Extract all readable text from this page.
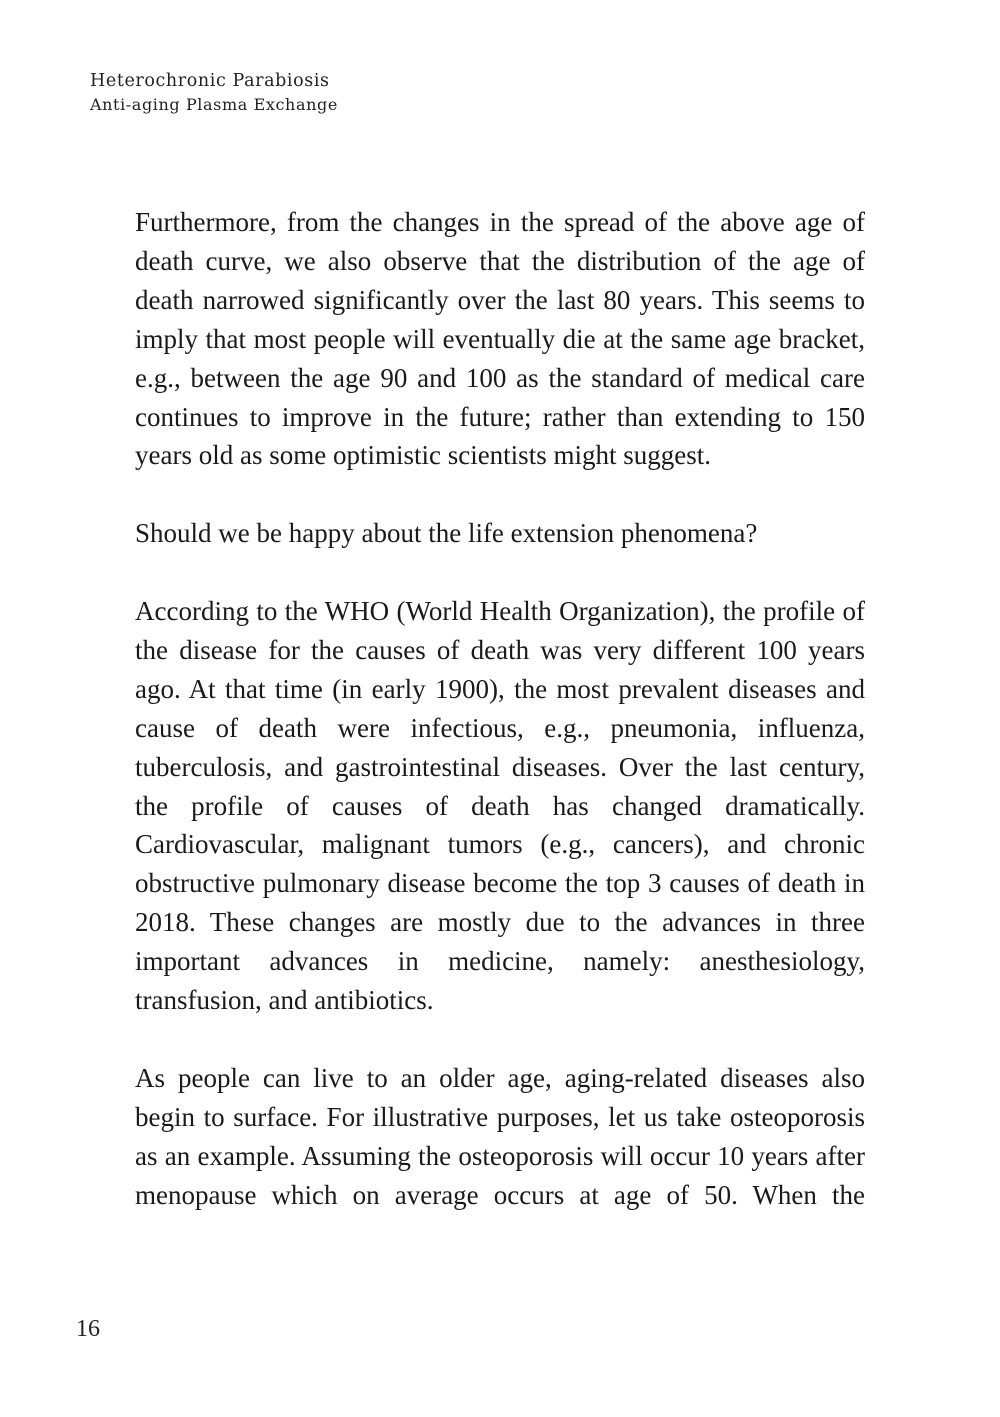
Heterochronic Parabiosis
Anti-aging Plasma Exchange

Furthermore, from the changes in the spread of the above age of death curve, we also observe that the distribution of the age of death narrowed significantly over the last 80 years. This seems to imply that most people will eventually die at the same age bracket, e.g., between the age 90 and 100 as the standard of medical care continues to improve in the future; rather than extending to 150 years old as some optimistic scientists might suggest.

Should we be happy about the life extension phenomena?

According to the WHO (World Health Organization), the profile of the disease for the causes of death was very different 100 years ago. At that time (in early 1900), the most prevalent diseases and cause of death were infectious, e.g., pneumonia, influenza, tuberculosis, and gastrointestinal diseases. Over the last century, the profile of causes of death has changed dramatically. Cardiovascular, malignant tumors (e.g., cancers), and chronic obstructive pulmonary disease become the top 3 causes of death in 2018. These changes are mostly due to the advances in three important advances in medicine, namely: anesthesiology, transfusion, and antibiotics.

As people can live to an older age, aging-related diseases also begin to surface. For illustrative purposes, let us take osteoporosis as an example. Assuming the osteoporosis will occur 10 years after menopause which on average occurs at age of 50. When the

16
